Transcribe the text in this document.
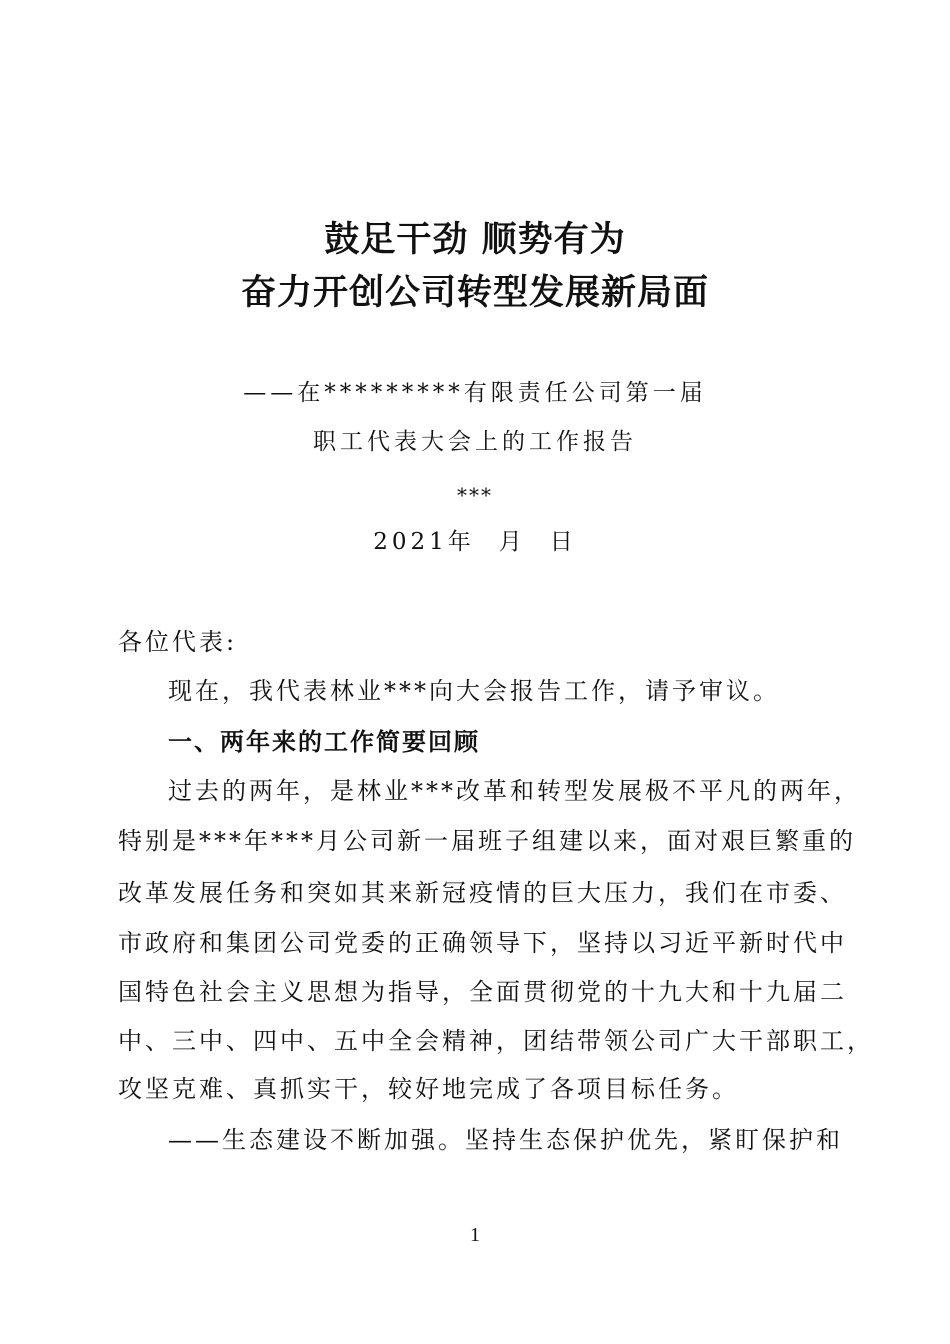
鼓足干劲 顺势有为
奋力开创公司转型发展新局面
——在*********有限责任公司第一届
职工代表大会上的工作报告
***
2021年 月 日
各位代表:
现在，我代表林业***向大会报告工作，请予审议。
一、两年来的工作简要回顾
过去的两年，是林业***改革和转型发展极不平凡的两年，
特别是***年***月公司新一届班子组建以来，面对艰巨繁重的
改革发展任务和突如其来新冠疫情的巨大压力，我们在市委、
市政府和集团公司党委的正确领导下，坚持以习近平新时代中
国特色社会主义思想为指导，全面贯彻党的十九大和十九届二
中、三中、四中、五中全会精神，团结带领公司广大干部职工，
攻坚克难、真抓实干，较好地完成了各项目标任务。
——生态建设不断加强。坚持生态保护优先，紧盯保护和
1
